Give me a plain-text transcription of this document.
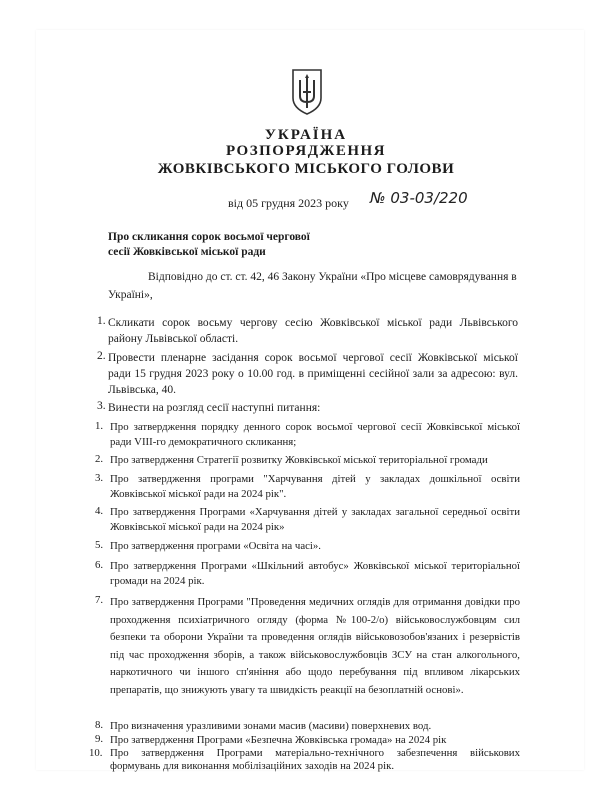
УКРАЇНА
РОЗПОРЯДЖЕННЯ
ЖОВКІВСЬКОГО МІСЬКОГО ГОЛОВИ
від 05 грудня 2023 року № 03-03/220
Про скликання сорок восьмої чергової
сесії Жовківської міської ради
Відповідно до ст. ст. 42, 46 Закону України «Про місцеве самоврядування в Україні»,
1. Скликати сорок восьму чергову сесію Жовківської міської ради Львівського району Львівської області.
2. Провести пленарне засідання сорок восьмої чергової сесії Жовківської міської ради 15 грудня 2023 року о 10.00 год. в приміщенні сесійної зали за адресою: вул. Львівська, 40.
3. Винести на розгляд сесії наступні питання:
1. Про затвердження порядку денного сорок восьмої чергової сесії Жовківської міської ради VIII-го демократичного скликання;
2. Про затвердження Стратегії розвитку Жовківської міської територіальної громади
3. Про затвердження програми "Харчування дітей у закладах дошкільної освіти Жовківської міської ради на 2024 рік".
4. Про затвердження Програми «Харчування дітей у закладах загальної середньої освіти Жовківської міської ради на 2024 рік»
5. Про затвердження програми «Освіта на часі».
6. Про затвердження Програми «Шкільний автобус» Жовківської міської територіальної громади на 2024 рік.
7. Про затвердження Програми "Проведення медичних оглядів для отримання довідки про проходження психіатричного огляду (форма №100-2/о) військовослужбовцям сил безпеки та оборони України та проведення оглядів військовозобов'язаних і резервістів під час проходження зборів, а також військовослужбовців ЗСУ на стан алкогольного, наркотичного чи іншого сп'яніння або щодо перебування під впливом лікарських препаратів, що знижують увагу та швидкість реакції на безоплатній основі».
8. Про визначення уразливими зонами масив (масиви) поверхневих вод.
9. Про затвердження Програми «Безпечна Жовківська громада» на 2024 рік
10. Про затвердження Програми матеріально-технічного забезпечення військових формувань для виконання мобілізаційних заходів на 2024 рік.
